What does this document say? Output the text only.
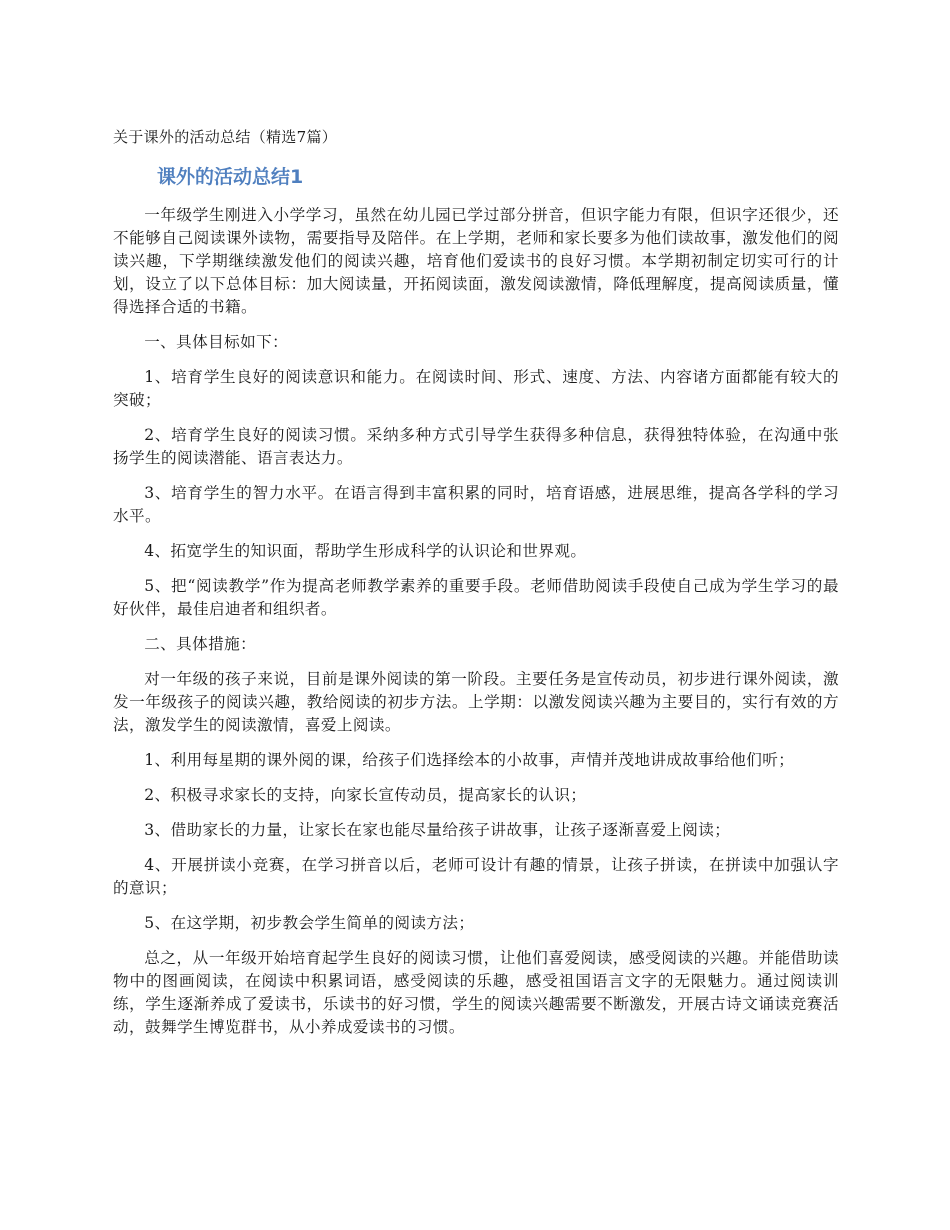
关于课外的活动总结（精选7篇）
课外的活动总结1

一年级学生刚进入小学学习，虽然在幼儿园已学过部分拼音，但识字能力有限，但识字还很少，还不能够自己阅读课外读物，需要指导及陪伴。在上学期，老师和家长要多为他们读故事，激发他们的阅读兴趣，下学期继续激发他们的阅读兴趣，培育他们爱读书的良好习惯。本学期初制定切实可行的计划，设立了以下总体目标：加大阅读量，开拓阅读面，激发阅读激情，降低理解度，提高阅读质量，懂得选择合适的书籍。

一、具体目标如下：

1、培育学生良好的阅读意识和能力。在阅读时间、形式、速度、方法、内容诸方面都能有较大的突破；

2、培育学生良好的阅读习惯。采纳多种方式引导学生获得多种信息，获得独特体验，在沟通中张扬学生的阅读潜能、语言表达力。

3、培育学生的智力水平。在语言得到丰富积累的同时，培育语感，进展思维，提高各学科的学习水平。

4、拓宽学生的知识面，帮助学生形成科学的认识论和世界观。

5、把“阅读教学”作为提高老师教学素养的重要手段。老师借助阅读手段使自己成为学生学习的最好伙伴，最佳启迪者和组织者。

二、具体措施：

对一年级的孩子来说，目前是课外阅读的第一阶段。主要任务是宣传动员，初步进行课外阅读，激发一年级孩子的阅读兴趣，教给阅读的初步方法。上学期：以激发阅读兴趣为主要目的，实行有效的方法，激发学生的阅读激情，喜爱上阅读。

1、利用每星期的课外阅的课，给孩子们选择绘本的小故事，声情并茂地讲成故事给他们听；

2、积极寻求家长的支持，向家长宣传动员，提高家长的认识；

3、借助家长的力量，让家长在家也能尽量给孩子讲故事，让孩子逐渐喜爱上阅读；

4、开展拼读小竞赛，在学习拼音以后，老师可设计有趣的情景，让孩子拼读，在拼读中加强认字的意识；

5、在这学期，初步教会学生简单的阅读方法；

总之，从一年级开始培育起学生良好的阅读习惯，让他们喜爱阅读，感受阅读的兴趣。并能借助读物中的图画阅读，在阅读中积累词语，感受阅读的乐趣，感受祖国语言文字的无限魅力。通过阅读训练，学生逐渐养成了爱读书，乐读书的好习惯，学生的阅读兴趣需要不断激发，开展古诗文诵读竞赛活动，鼓舞学生博览群书，从小养成爱读书的习惯。
